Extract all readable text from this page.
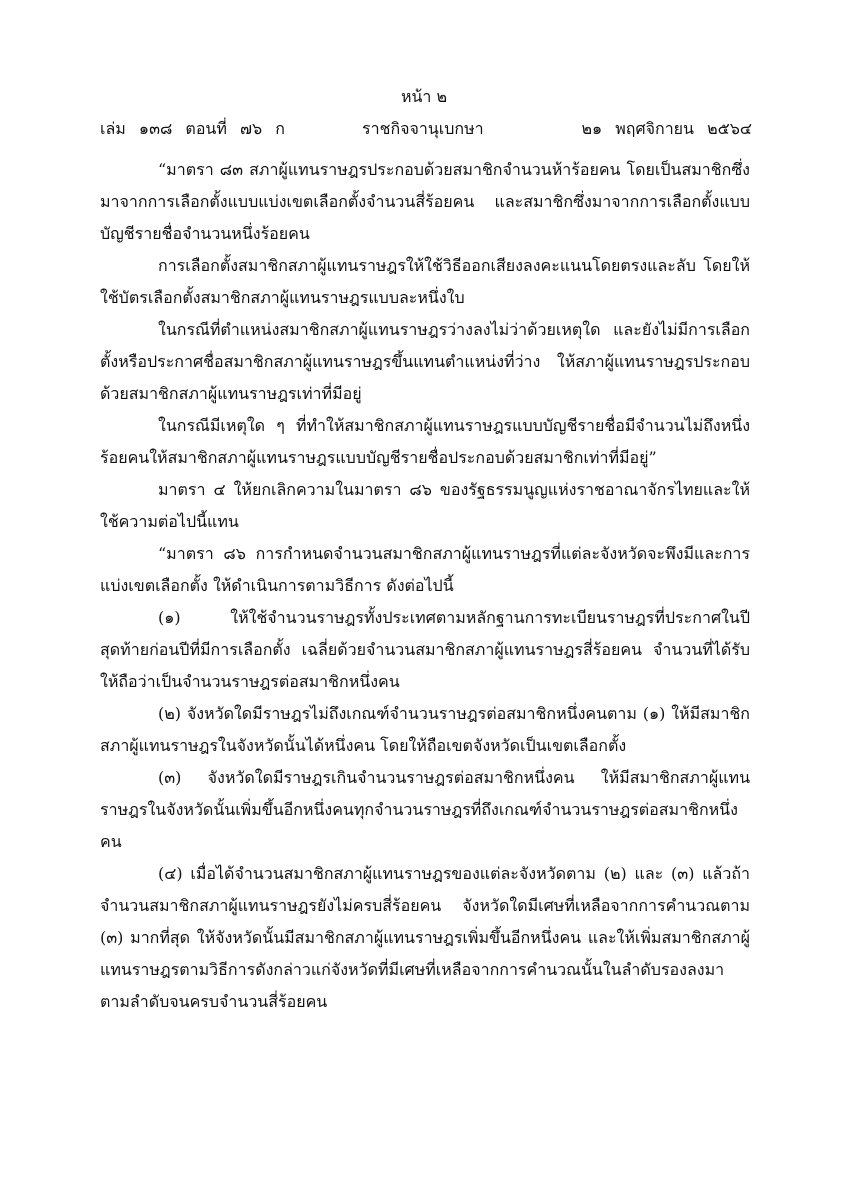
หน้า ๒
เล่ม ๑๓๘ ตอนที่ ๗๖ ก	ราชกิจจานุเบกษา	๒๑ พฤศจิกายน ๒๕๖๔

“มาตรา ๘๓ สภาผู้แทนราษฎรประกอบด้วยสมาชิกจำนวนห้าร้อยคน โดยเป็นสมาชิกซึ่งมาจากการเลือกตั้งแบบแบ่งเขตเลือกตั้งจำนวนสี่ร้อยคน และสมาชิกซึ่งมาจากการเลือกตั้งแบบบัญชีรายชื่อจำนวนหนึ่งร้อยคน

การเลือกตั้งสมาชิกสภาผู้แทนราษฎรให้ใช้วิธีออกเสียงลงคะแนนโดยตรงและลับ โดยให้ใช้บัตรเลือกตั้งสมาชิกสภาผู้แทนราษฎรแบบละหนึ่งใบ

ในกรณีที่ตำแหน่งสมาชิกสภาผู้แทนราษฎรว่างลงไม่ว่าด้วยเหตุใด และยังไม่มีการเลือกตั้งหรือประกาศชื่อสมาชิกสภาผู้แทนราษฎรขึ้นแทนตำแหน่งที่ว่าง ให้สภาผู้แทนราษฎรประกอบด้วยสมาชิกสภาผู้แทนราษฎรเท่าที่มีอยู่

ในกรณีมีเหตุใด ๆ ที่ทำให้สมาชิกสภาผู้แทนราษฎรแบบบัญชีรายชื่อมีจำนวนไม่ถึงหนึ่งร้อยคนให้สมาชิกสภาผู้แทนราษฎรแบบบัญชีรายชื่อประกอบด้วยสมาชิกเท่าที่มีอยู่”

มาตรา ๔ ให้ยกเลิกความในมาตรา ๘๖ ของรัฐธรรมนูญแห่งราชอาณาจักรไทยและให้ใช้ความต่อไปนี้แทน

“มาตรา ๘๖ การกำหนดจำนวนสมาชิกสภาผู้แทนราษฎรที่แต่ละจังหวัดจะพึงมีและการแบ่งเขตเลือกตั้ง ให้ดำเนินการตามวิธีการ ดังต่อไปนี้

(๑) ให้ใช้จำนวนราษฎรทั้งประเทศตามหลักฐานการทะเบียนราษฎรที่ประกาศในปีสุดท้ายก่อนปีที่มีการเลือกตั้ง เฉลี่ยด้วยจำนวนสมาชิกสภาผู้แทนราษฎรสี่ร้อยคน จำนวนที่ได้รับให้ถือว่าเป็นจำนวนราษฎรต่อสมาชิกหนึ่งคน

(๒) จังหวัดใดมีราษฎรไม่ถึงเกณฑ์จำนวนราษฎรต่อสมาชิกหนึ่งคนตาม (๑) ให้มีสมาชิกสภาผู้แทนราษฎรในจังหวัดนั้นได้หนึ่งคน โดยให้ถือเขตจังหวัดเป็นเขตเลือกตั้ง

(๓) จังหวัดใดมีราษฎรเกินจำนวนราษฎรต่อสมาชิกหนึ่งคน ให้มีสมาชิกสภาผู้แทนราษฎรในจังหวัดนั้นเพิ่มขึ้นอีกหนึ่งคนทุกจำนวนราษฎรที่ถึงเกณฑ์จำนวนราษฎรต่อสมาชิกหนึ่งคน

(๔) เมื่อได้จำนวนสมาชิกสภาผู้แทนราษฎรของแต่ละจังหวัดตาม (๒) และ (๓) แล้วถ้าจำนวนสมาชิกสภาผู้แทนราษฎรยังไม่ครบสี่ร้อยคน จังหวัดใดมีเศษที่เหลือจากการคำนวณตาม (๓) มากที่สุด ให้จังหวัดนั้นมีสมาชิกสภาผู้แทนราษฎรเพิ่มขึ้นอีกหนึ่งคน และให้เพิ่มสมาชิกสภาผู้แทนราษฎรตามวิธีการดังกล่าวแก่จังหวัดที่มีเศษที่เหลือจากการคำนวณนั้นในลำดับรองลงมาตามลำดับจนครบจำนวนสี่ร้อยคน
